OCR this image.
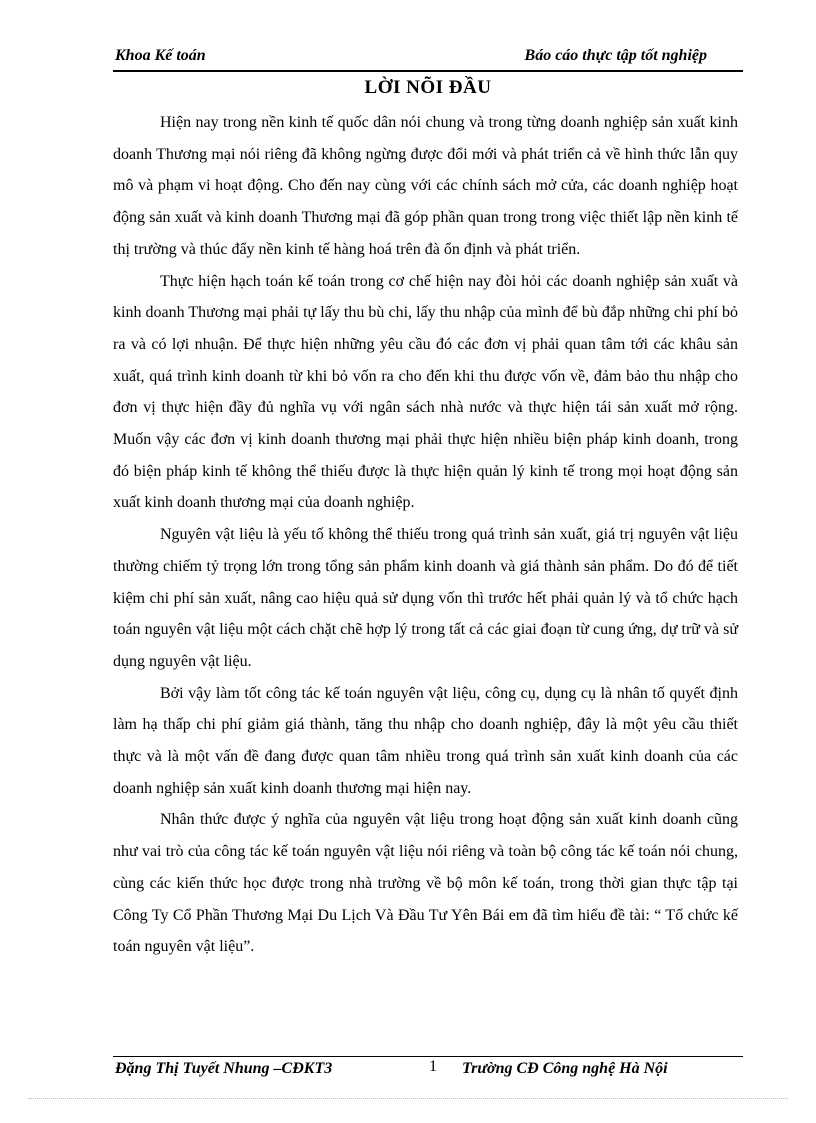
Khoa Kế toán	Báo cáo thực tập tốt nghiệp
LỜI NÕI ĐẦU

Hiện nay trong nền kinh tế quốc dân nói chung và trong từng doanh nghiệp sản xuất kinh doanh Thương mại nói riêng đã không ngừng được đổi mới và phát triển cả về hình thức lẫn quy mô và phạm vi hoạt động. Cho đến nay cùng với các chính sách mở cửa, các doanh nghiệp hoạt động sản xuất và kinh doanh Thương mại đã góp phần quan trong trong việc thiết lập nền kinh tế thị trường và thúc đẩy nền kinh tế hàng hoá trên đà ổn định và phát triển.

Thực hiện hạch toán kế toán trong cơ chế hiện nay đòi hỏi các doanh nghiệp sản xuất và kinh doanh Thương mại phải tự lấy thu bù chi, lấy thu nhập của mình để bù đắp những chi phí bỏ ra và có lợi nhuận. Để thực hiện những yêu cầu đó các đơn vị phải quan tâm tới các khâu sản xuất, quá trình kinh doanh từ khi bỏ vốn ra cho đến khi thu được vốn về, đảm bảo thu nhập cho đơn vị thực hiện đầy đủ nghĩa vụ với ngân sách nhà nước và thực hiện tái sản xuất mở rộng. Muốn vậy các đơn vị kinh doanh thương mại phải thực hiện nhiều biện pháp kinh doanh, trong đó biện pháp kinh tế không thể thiếu được là thực hiện quản lý kinh tế trong mọi hoạt động sản xuất kinh doanh thương mại của doanh nghiệp.

Nguyên vật liệu là yếu tố không thể thiếu trong quá trình sản xuất, giá trị nguyên vật liệu thường chiếm tỷ trọng lớn trong tổng sản phẩm kinh doanh và giá thành sản phẩm. Do đó để tiết kiệm chi phí sản xuất, nâng cao hiệu quả sử dụng vốn thì trước hết phải quản lý và tổ chức hạch toán nguyên vật liệu một cách chặt chẽ hợp lý trong tất cả các giai đoạn từ cung ứng, dự trữ và sử dụng nguyên vật liệu.

Bởi vậy làm tốt công tác kế toán nguyên vật liệu, công cụ, dụng cụ là nhân tố quyết định làm hạ thấp chi phí giảm giá thành, tăng thu nhập cho doanh nghiệp, đây là một yêu cầu thiết thực và là một vấn đề đang được quan tâm nhiều trong quá trình sản xuất kinh doanh của các doanh nghiệp sản xuất kinh doanh thương mại hiện nay.

Nhân thức được ý nghĩa của nguyên vật liệu trong hoạt động sản xuất kinh doanh cũng như vai trò của công tác kế toán nguyên vật liệu nói riêng và toàn bộ công tác kế toán nói chung, cùng các kiến thức học được trong nhà trường về bộ môn kế toán, trong thời gian thực tập tại Công Ty Cổ Phần Thương Mại Du Lịch Và Đầu Tư Yên Bái em đã tìm hiểu đề tài: “ Tổ chức kế toán nguyên vật liệu”.

Đặng Thị Tuyết Nhung –CĐKT3	1 Trường CĐ Công nghệ Hà Nội
